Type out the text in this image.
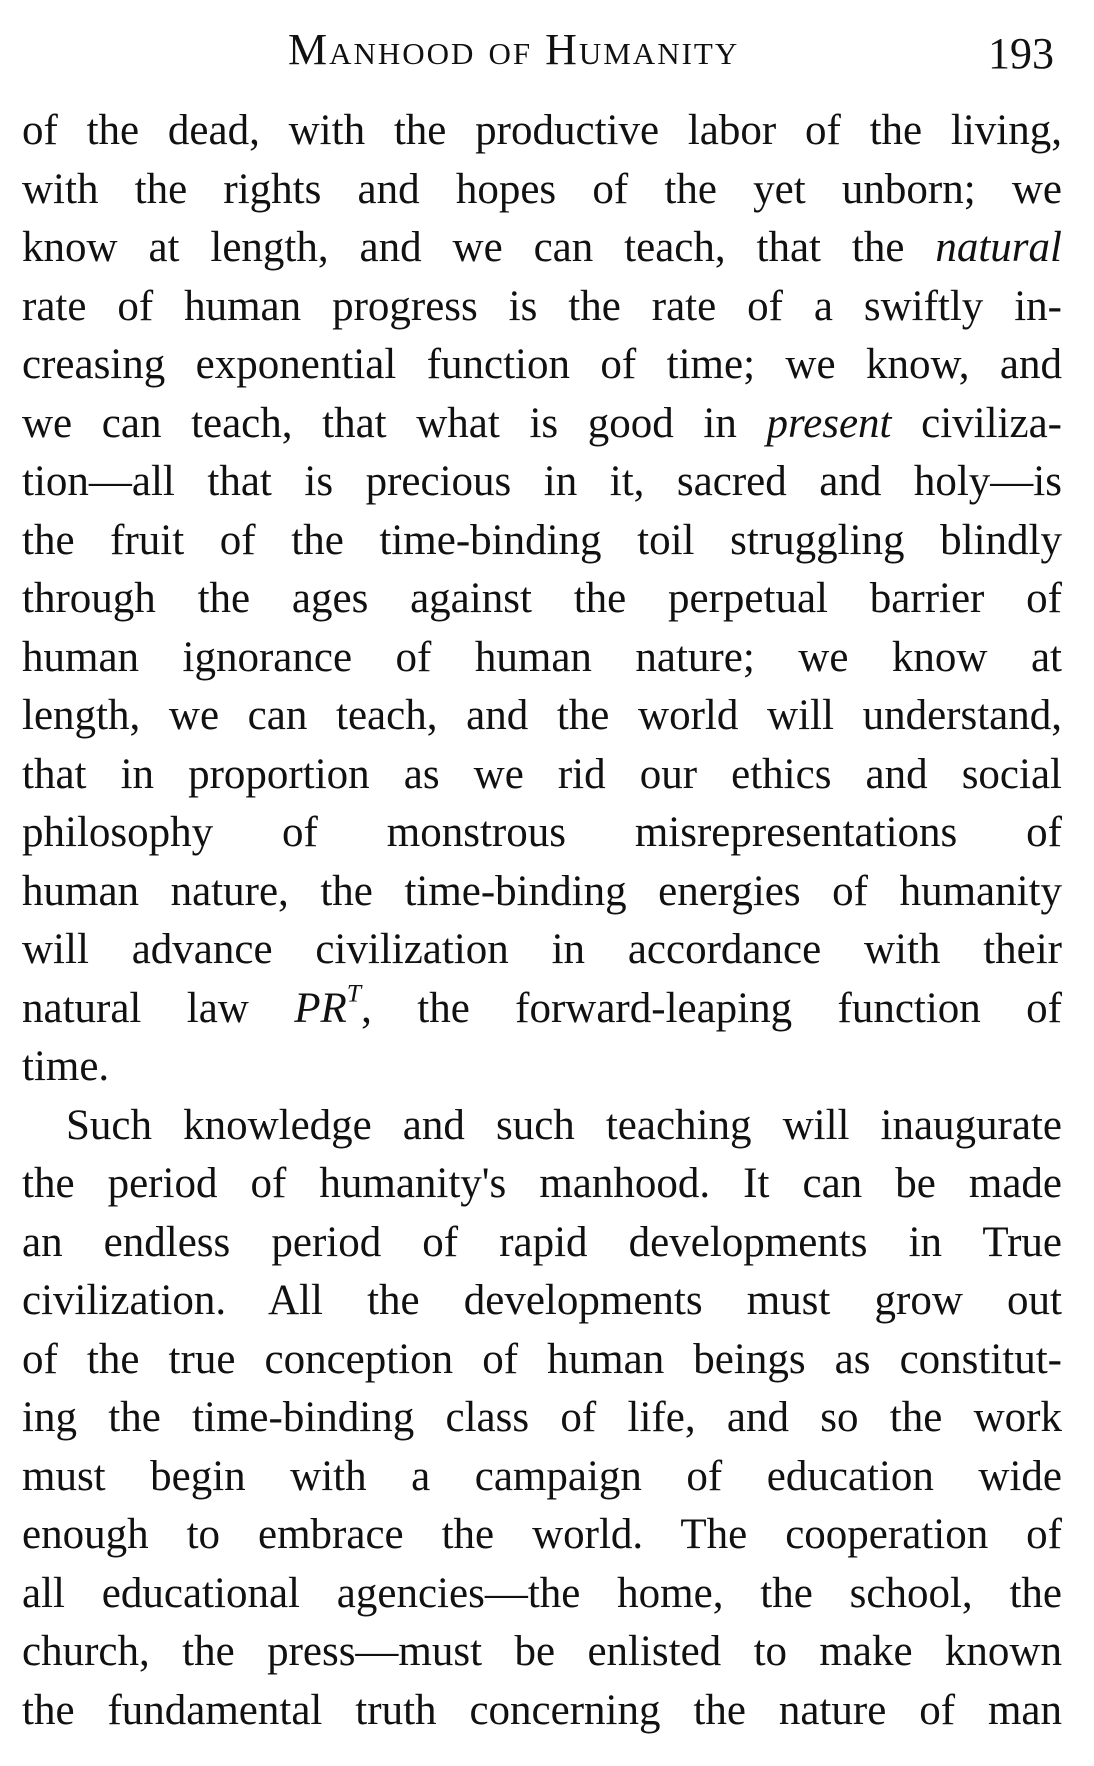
Manhood of Humanity	193
of the dead, with the productive labor of the living,
with the rights and hopes of the yet unborn; we
know at length, and we can teach, that the natural
rate of human progress is the rate of a swiftly in-
creasing exponential function of time; we know, and
we can teach, that what is good in present civiliza-
tion—all that is precious in it, sacred and holy—is
the fruit of the time-binding toil struggling blindly
through the ages against the perpetual barrier of
human ignorance of human nature; we know at
length, we can teach, and the world will understand,
that in proportion as we rid our ethics and social
philosophy of monstrous misrepresentations of
human nature, the time-binding energies of humanity
will advance civilization in accordance with their
natural law $PR^T$, the forward-leaping function of
time.
Such knowledge and such teaching will inaugurate
the period of humanity's manhood. It can be made
an endless period of rapid developments in True
civilization. All the developments must grow out
of the true conception of human beings as constitut-
ing the time-binding class of life, and so the work
must begin with a campaign of education wide
enough to embrace the world. The cooperation of
all educational agencies—the home, the school, the
church, the press—must be enlisted to make known
the fundamental truth concerning the nature of man
